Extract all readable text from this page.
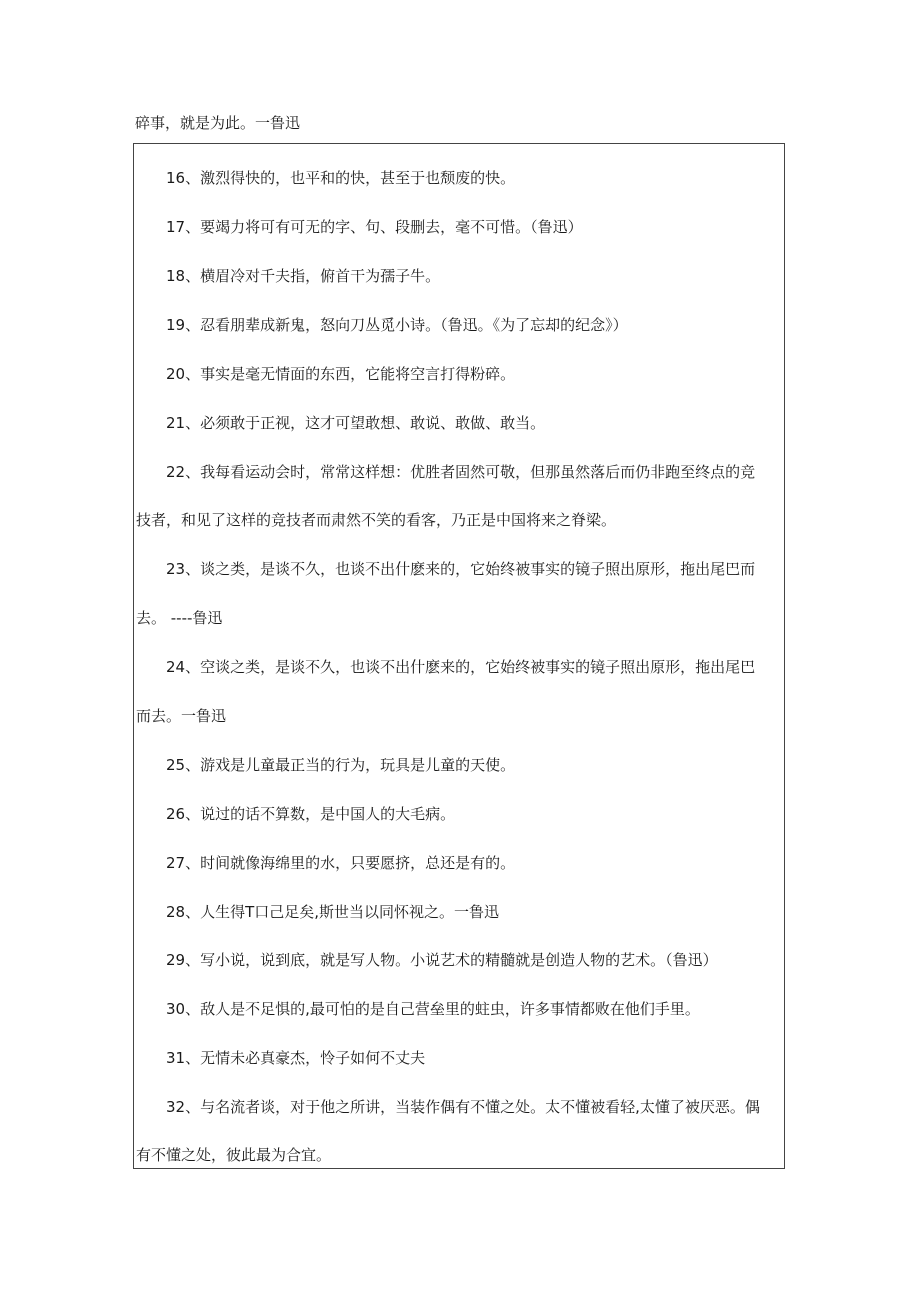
碎事，就是为此。一鲁迅
16、激烈得快的，也平和的快，甚至于也颓废的快。
17、要竭力将可有可无的字、句、段删去，毫不可惜。（鲁迅）
18、横眉冷对千夫指，俯首干为孺子牛。
19、忍看朋辈成新鬼，怒向刀丛觅小诗。（鲁迅。《为了忘却的纪念》）
20、事实是毫无情面的东西，它能将空言打得粉碎。
21、必须敢于正视，这才可望敢想、敢说、敢做、敢当。
22、我每看运动会时，常常这样想：优胜者固然可敬，但那虽然落后而仍非跑至终点的竞
技者，和见了这样的竞技者而肃然不笑的看客，乃正是中国将来之脊梁。
23、谈之类，是谈不久，也谈不出什麽来的，它始终被事实的镜子照出原形，拖出尾巴而
去。 ----鲁迅
24、空谈之类，是谈不久，也谈不出什麽来的，它始终被事实的镜子照出原形，拖出尾巴
而去。一鲁迅
25、游戏是儿童最正当的行为，玩具是儿童的天使。
26、说过的话不算数，是中国人的大毛病。
27、时间就像海绵里的水，只要愿挤，总还是有的。
28、人生得T口己足矣,斯世当以同怀视之。一鲁迅
29、写小说，说到底，就是写人物。小说艺术的精髓就是创造人物的艺术。（鲁迅）
30、敌人是不足惧的,最可怕的是自己营垒里的蛀虫，许多事情都败在他们手里。
31、无情未必真豪杰，怜子如何不丈夫
32、与名流者谈，对于他之所讲，当装作偶有不懂之处。太不懂被看轻,太懂了被厌恶。偶
有不懂之处，彼此最为合宜。
